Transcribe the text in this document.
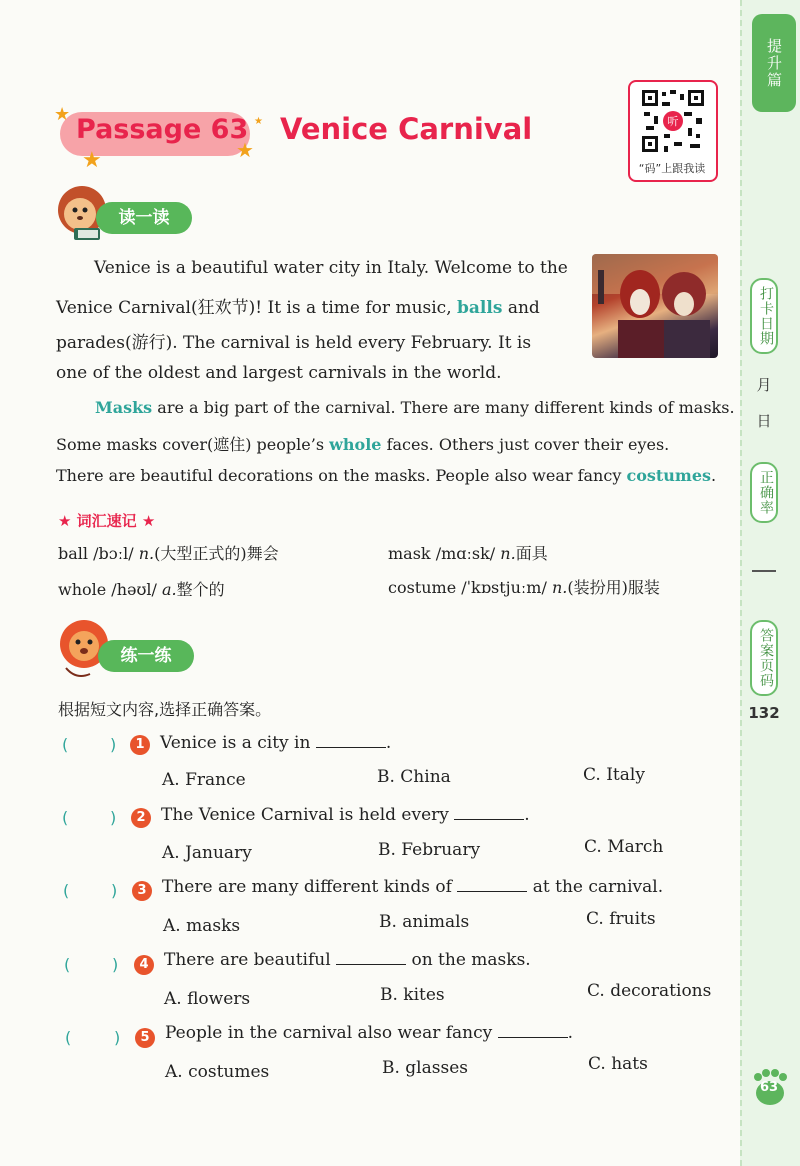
提升篇
打卡日期
月
日
正确率
答案页码
132
63
★
★	★
★
Passage 63 Venice Carnival	听
“码”上跟我读
读一读
Venice is a beautiful water city in Italy. Welcome to the
Venice Carnival(狂欢节)! It is a time for music, balls and
parades(游行). The carnival is held every February. It is
one of the oldest and largest carnivals in the world.
Masks are a big part of the carnival. There are many different kinds of masks.
Some masks cover(遮住) people’s whole faces. Others just cover their eyes.
There are beautiful decorations on the masks. People also wear fancy costumes.
★ 词汇速记 ★
ball /bɔːl/ n.(大型正式的)舞会	mask /mɑːsk/ n.面具
whole /həʊl/ a.整个的	costume /ˈkɒstjuːm/ n.(装扮用)服装
练一练
根据短文内容,选择正确答案。
(	)	1 Venice is a city in	.
A. France	B. China	C. Italy
(	)	2 The Venice Carnival is held every	.
A. January	B. February	C. March
(	)	3 There are many different kinds of	at the carnival.
A. masks	B. animals	C. fruits
(	)	4 There are beautiful	on the masks.
A. flowers	B. kites	C. decorations
(	)	5 People in the carnival also wear fancy	.
A. costumes	B. glasses	C. hats
